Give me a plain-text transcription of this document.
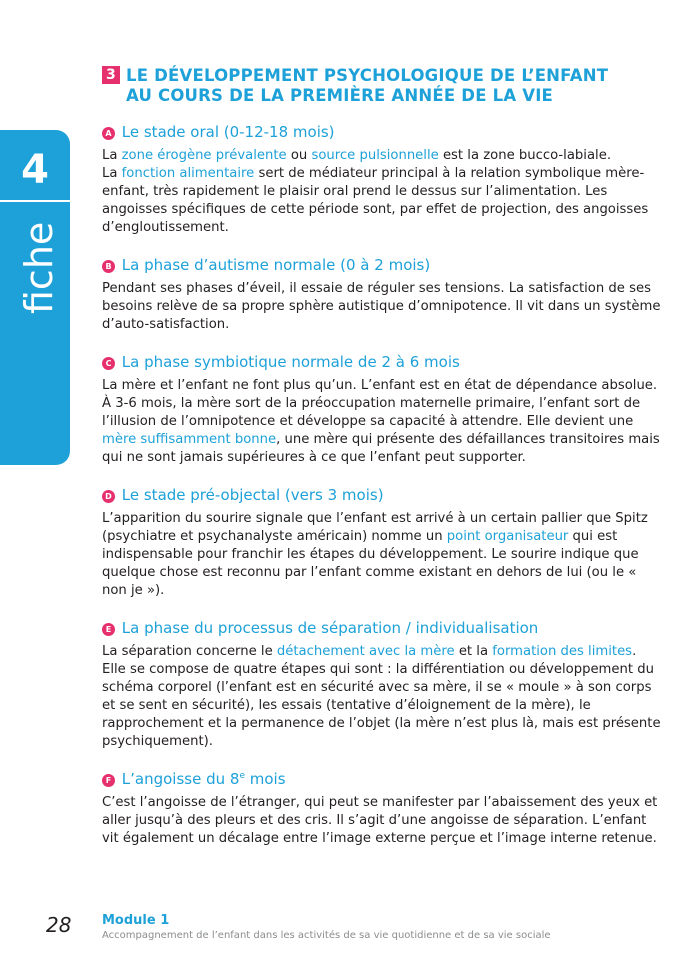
4
fiche
3 LE DÉVELOPPEMENT PSYCHOLOGIQUE DE L’ENFANT
AU COURS DE LA PREMIÈRE ANNÉE DE LA VIE
A Le stade oral (0-12-18 mois)

La zone érogène prévalente ou source pulsionnelle est la zone bucco-labiale.
La fonction alimentaire sert de médiateur principal à la relation symbolique mère-enfant, très rapidement le plaisir oral prend le dessus sur l’alimentation. Les angoisses spécifiques de cette période sont, par effet de projection, des angoisses d’engloutissement.

B La phase d’autisme normale (0 à 2 mois)

Pendant ses phases d’éveil, il essaie de réguler ses tensions. La satisfaction de ses besoins relève de sa propre sphère autistique d’omnipotence. Il vit dans un système d’auto-satisfaction.

C La phase symbiotique normale de 2 à 6 mois

La mère et l’enfant ne font plus qu’un. L’enfant est en état de dépendance absolue.
À 3-6 mois, la mère sort de la préoccupation maternelle primaire, l’enfant sort de l’illusion de l’omnipotence et développe sa capacité à attendre. Elle devient une mère suffisamment bonne, une mère qui présente des défaillances transitoires mais qui ne sont jamais supérieures à ce que l’enfant peut supporter.

D Le stade pré-objectal (vers 3 mois)

L’apparition du sourire signale que l’enfant est arrivé à un certain pallier que Spitz (psychiatre et psychanalyste américain) nomme un point organisateur qui est indispensable pour franchir les étapes du développement. Le sourire indique que quelque chose est reconnu par l’enfant comme existant en dehors de lui (ou le « non je »).

E La phase du processus de séparation / individualisation

La séparation concerne le détachement avec la mère et la formation des limites.
Elle se compose de quatre étapes qui sont : la différentiation ou développement du schéma corporel (l’enfant est en sécurité avec sa mère, il se « moule » à son corps et se sent en sécurité), les essais (tentative d’éloignement de la mère), le rapprochement et la permanence de l’objet (la mère n’est plus là, mais est présente psychiquement).

F L’angoisse du 8e mois

C’est l’angoisse de l’étranger, qui peut se manifester par l’abaissement des yeux et aller jusqu’à des pleurs et des cris. Il s’agit d’une angoisse de séparation. L’enfant vit également un décalage entre l’image externe perçue et l’image interne retenue.

28 Module 1
Accompagnement de l’enfant dans les activités de sa vie quotidienne et de sa vie sociale
